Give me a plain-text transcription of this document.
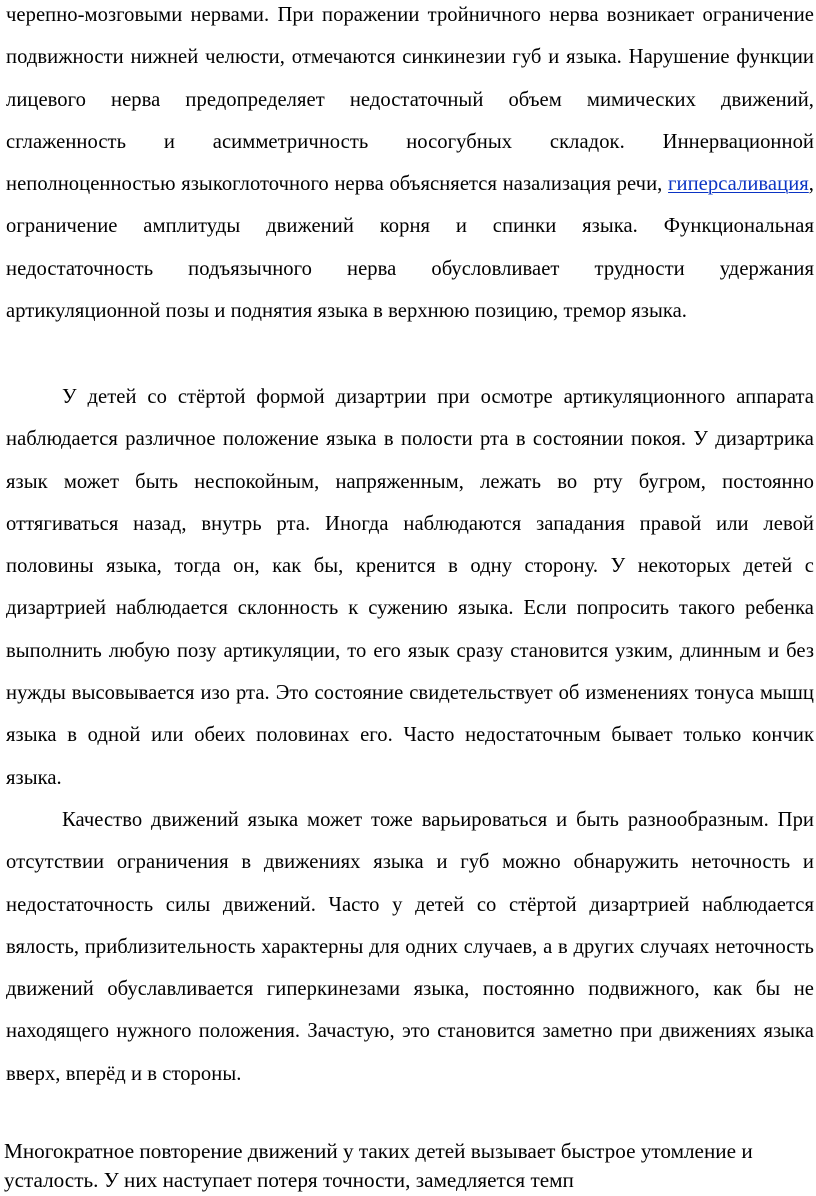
черепно-мозговыми нервами. При поражении тройничного нерва возникает ограничение подвижности нижней челюсти, отмечаются синкинезии губ и языка. Нарушение функции лицевого нерва предопределяет недостаточный объем мимических движений, сглаженность и асимметричность носогубных складок. Иннервационной неполноценностью языкоглоточного нерва объясняется назализация речи, гиперсаливация, ограничение амплитуды движений корня и спинки языка. Функциональная недостаточность подъязычного нерва обусловливает трудности удержания артикуляционной позы и поднятия языка в верхнюю позицию, тремор языка.

У детей со стёртой формой дизартрии при осмотре артикуляционного аппарата наблюдается различное положение языка в полости рта в состоянии покоя. У дизартрика язык может быть неспокойным, напряженным, лежать во рту бугром, постоянно оттягиваться назад, внутрь рта. Иногда наблюдаются западания правой или левой половины языка, тогда он, как бы, кренится в одну сторону. У некоторых детей с дизартрией наблюдается склонность к сужению языка. Если попросить такого ребенка выполнить любую позу артикуляции, то его язык сразу становится узким, длинным и без нужды высовывается изо рта. Это состояние свидетельствует об изменениях тонуса мышц языка в одной или обеих половинах его. Часто недостаточным бывает только кончик языка.

Качество движений языка может тоже варьироваться и быть разнообразным. При отсутствии ограничения в движениях языка и губ можно обнаружить неточность и недостаточность силы движений. Часто у детей со стёртой дизартрией наблюдается вялость, приблизительность характерны для одних случаев, а в других случаях неточность движений обуславливается гиперкинезами языка, постоянно подвижного, как бы не находящего нужного положения. Зачастую, это становится заметно при движениях языка вверх, вперёд и в стороны.

Многократное повторение движений у таких детей вызывает быстрое утомление и усталость. У них наступает потеря точности, замедляется темп
